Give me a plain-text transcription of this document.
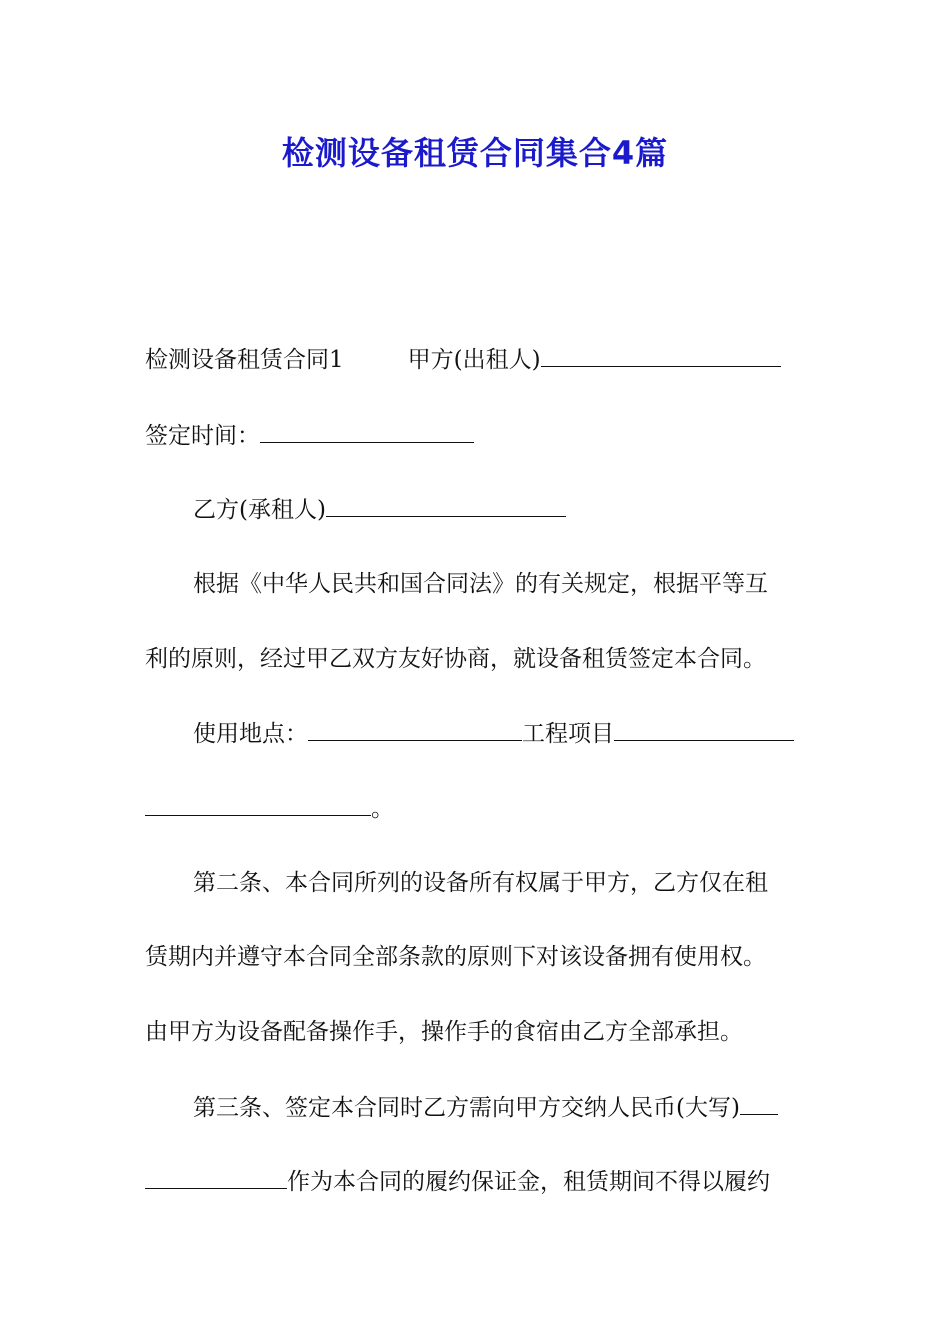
检测设备租赁合同集合4篇
检测设备租赁合同1	甲方(出租人)
签定时间：
乙方(承租人)
根据《中华人民共和国合同法》的有关规定，根据平等互
利的原则，经过甲乙双方友好协商，就设备租赁签定本合同。
使用地点：	工程项目
。
第二条、本合同所列的设备所有权属于甲方，乙方仅在租
赁期内并遵守本合同全部条款的原则下对该设备拥有使用权。
由甲方为设备配备操作手，操作手的食宿由乙方全部承担。
第三条、签定本合同时乙方需向甲方交纳人民币(大写)
作为本合同的履约保证金，租赁期间不得以履约
